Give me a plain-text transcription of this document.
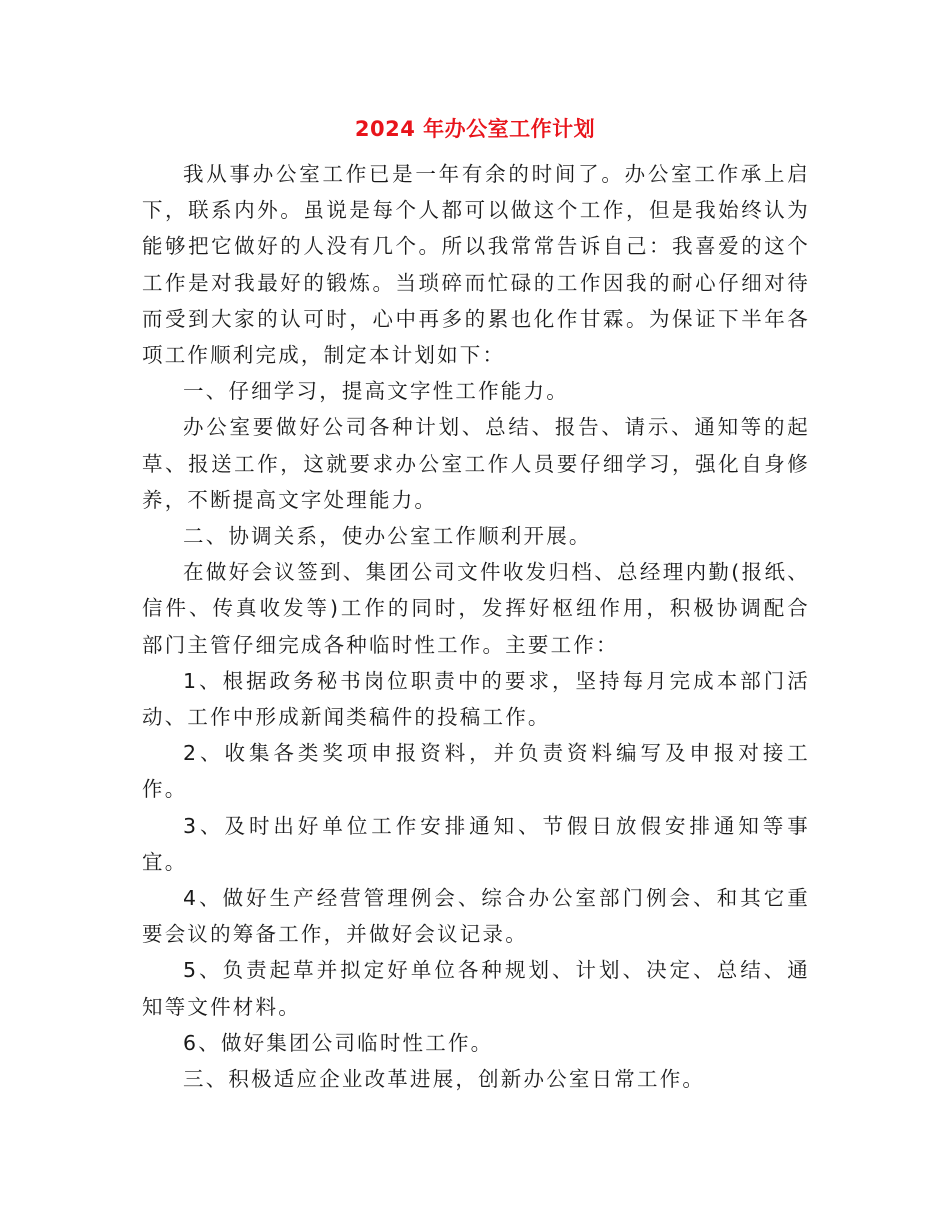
2024 年办公室工作计划

我从事办公室工作已是一年有余的时间了。办公室工作承上启下，联系内外。虽说是每个人都可以做这个工作，但是我始终认为能够把它做好的人没有几个。所以我常常告诉自己：我喜爱的这个工作是对我最好的锻炼。当琐碎而忙碌的工作因我的耐心仔细对待而受到大家的认可时，心中再多的累也化作甘霖。为保证下半年各项工作顺利完成，制定本计划如下：

一、仔细学习，提高文字性工作能力。

办公室要做好公司各种计划、总结、报告、请示、通知等的起草、报送工作，这就要求办公室工作人员要仔细学习，强化自身修养，不断提高文字处理能力。

二、协调关系，使办公室工作顺利开展。

在做好会议签到、集团公司文件收发归档、总经理内勤(报纸、信件、传真收发等)工作的同时，发挥好枢纽作用，积极协调配合部门主管仔细完成各种临时性工作。主要工作：

1、根据政务秘书岗位职责中的要求，坚持每月完成本部门活动、工作中形成新闻类稿件的投稿工作。

2、收集各类奖项申报资料，并负责资料编写及申报对接工作。

3、及时出好单位工作安排通知、节假日放假安排通知等事宜。

4、做好生产经营管理例会、综合办公室部门例会、和其它重要会议的筹备工作，并做好会议记录。

5、负责起草并拟定好单位各种规划、计划、决定、总结、通知等文件材料。

6、做好集团公司临时性工作。

三、积极适应企业改革进展，创新办公室日常工作。
